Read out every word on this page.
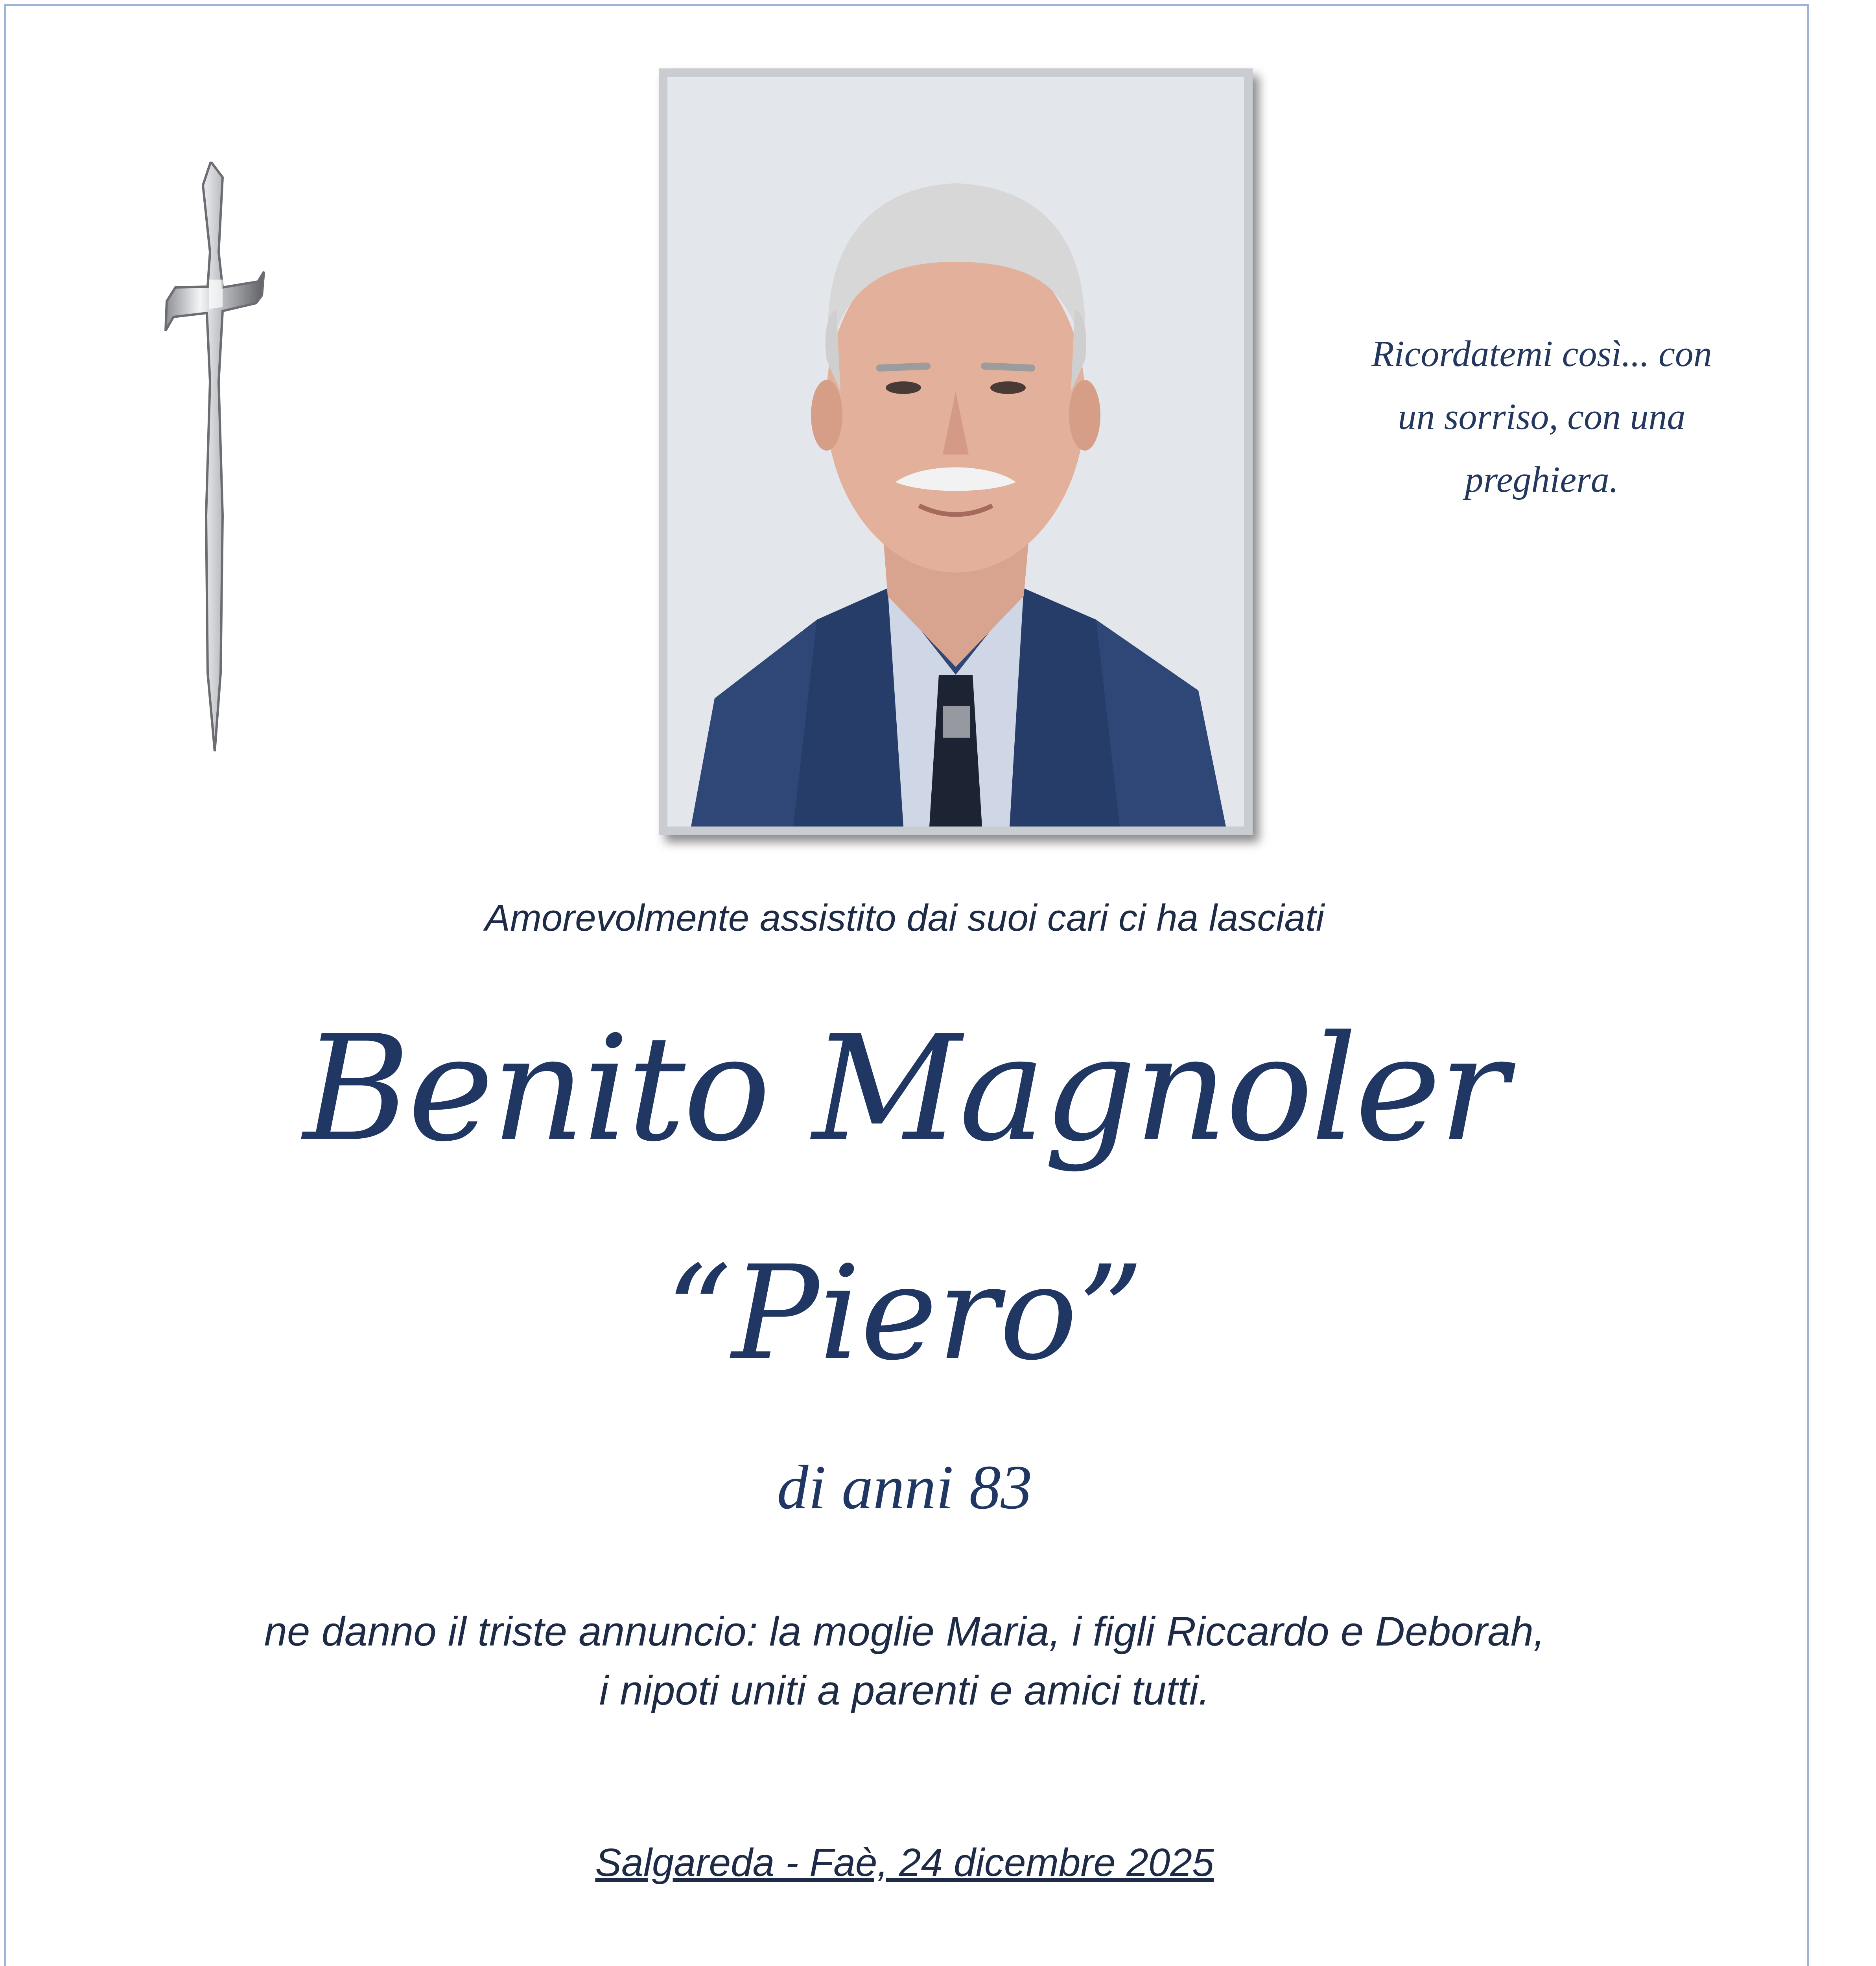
Ricordatemi così... con
un sorriso, con una
preghiera.
Amorevolmente assistito dai suoi cari ci ha lasciati
Benito Magnoler
“Piero”
di anni 83
ne danno il triste annuncio: la moglie Maria, i figli Riccardo e Deborah,
i nipoti uniti a parenti e amici tutti.
Salgareda - Faè, 24 dicembre 2025
